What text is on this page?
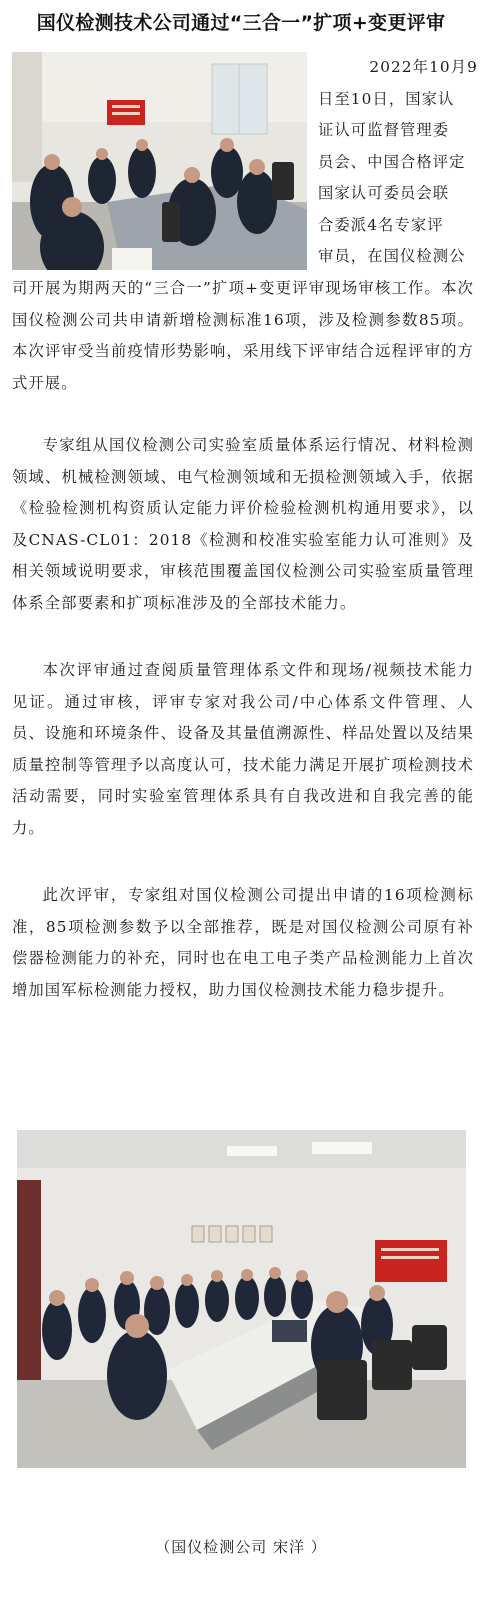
国仪检测技术公司通过“三合一”扩项+变更评审
2022年10月9
日至10日，国家认
证认可监督管理委
员会、中国合格评定
国家认可委员会联
合委派4名专家评
审员，在国仪检测公

司开展为期两天的“三合一”扩项+变更评审现场审核工作。本次国仪检测公司共申请新增检测标准16项，涉及检测参数85项。本次评审受当前疫情形势影响，采用线下评审结合远程评审的方式开展。

专家组从国仪检测公司实验室质量体系运行情况、材料检测领域、机械检测领域、电气检测领域和无损检测领域入手，依据《检验检测机构资质认定能力评价检验检测机构通用要求》，以及CNAS-CL01：2018《检测和校准实验室能力认可准则》及相关领域说明要求，审核范围覆盖国仪检测公司实验室质量管理体系全部要素和扩项标准涉及的全部技术能力。

本次评审通过查阅质量管理体系文件和现场/视频技术能力见证。通过审核，评审专家对我公司/中心体系文件管理、人员、设施和环境条件、设备及其量值溯源性、样品处置以及结果质量控制等管理予以高度认可，技术能力满足开展扩项检测技术活动需要，同时实验室管理体系具有自我改进和自我完善的能力。

此次评审，专家组对国仪检测公司提出申请的16项检测标准，85项检测参数予以全部推荐，既是对国仪检测公司原有补偿器检测能力的补充，同时也在电工电子类产品检测能力上首次增加国军标检测能力授权，助力国仪检测技术能力稳步提升。

（国仪检测公司 宋洋 ）
